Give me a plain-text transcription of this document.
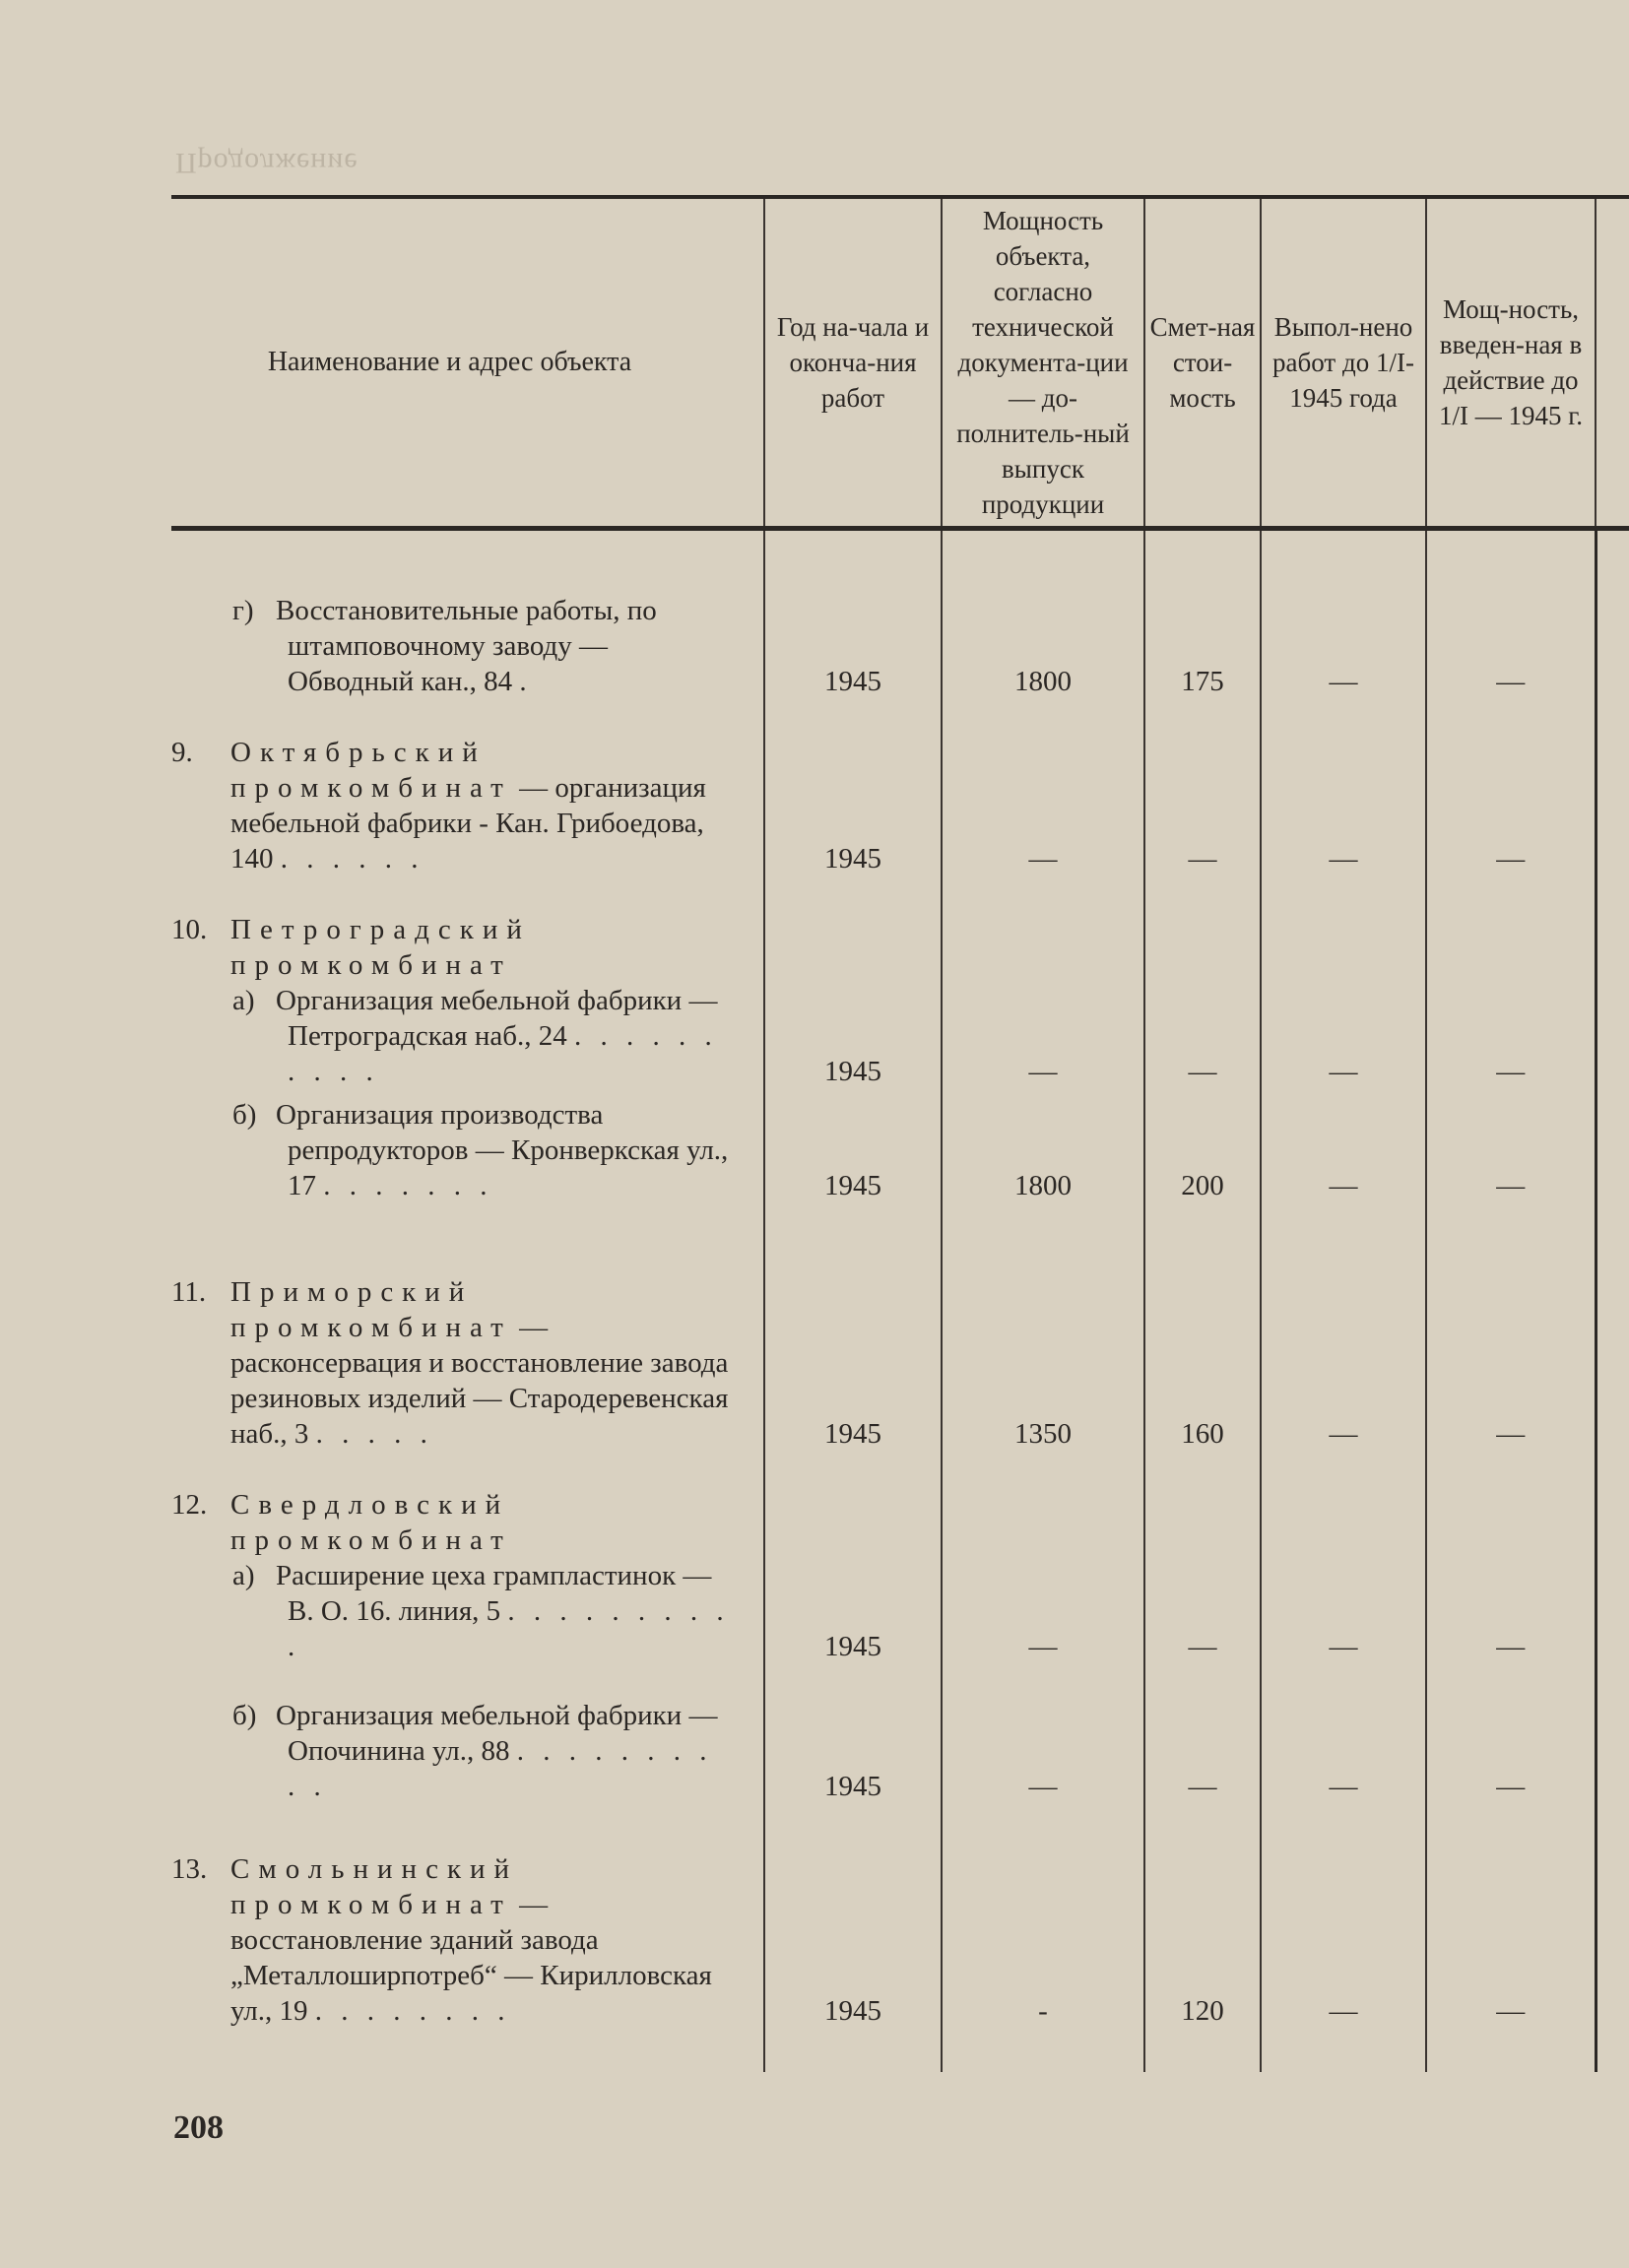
Продолжение
Наименование и адрес объекта	Год на-чала и оконча-ния работ	Мощность объекта, согласно технической документа-ции — до-полнитель-ный выпуск продукции	Смет-ная стои-мость	Выпол-нено работ до 1/I-1945 года	Мощ-ность, введен-ная в действие до 1/I — 1945 г.	

г) Восстановительные работы, по штамповочному заводу — Обводный кан., 84 .	1945	1800	175	—	—	

9. Октябрьский промкомбинат — организация мебельной фабрики - Кан. Грибоедова, 140 . . . . . .	1945	—	—	—	—	

10. Петроградский промкомбинат
а) Организация мебельной фабрики — Петроградская наб., 24 . . . . . . . . . .	1945	—	—	—	—	

б) Организация производства репродукторов — Кронверкская ул., 17 . . . . . . .	1945	1800	200	—	—	

11. Приморский промкомбинат — расконсервация и восстановление завода резиновых изделий — Стародеревенская наб., 3 . . . . .	1945	1350	160	—	—	

12. Свердловский промкомбинат
а) Расширение цеха грампластинок — В. О. 16. линия, 5 . . . . . . . . . .	1945	—	—	—	—	

б) Организация мебельной фабрики — Опочинина ул., 88 . . . . . . . . . .	1945	—	—	—	—	

13. Смольнинский промкомбинат — восстановление зданий завода „Металлоширпотреб“ — Кирилловская ул., 19 . . . . . . . .	1945	-	120	—	—	
208
